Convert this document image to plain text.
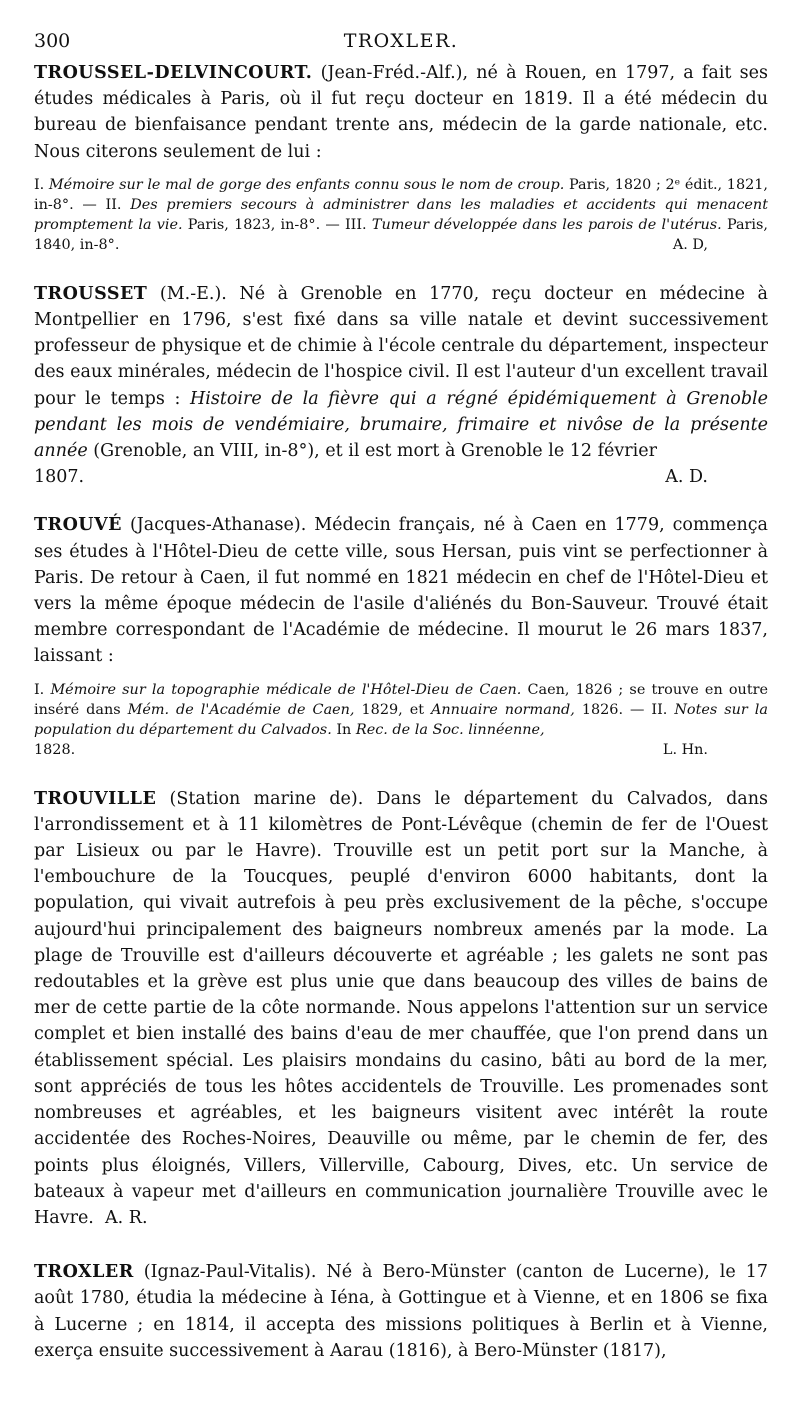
300	TROXLER.

TROUSSEL-DELVINCOURT. (Jean-Fréd.-Alf.), né à Rouen, en 1797, a fait ses études médicales à Paris, où il fut reçu docteur en 1819. Il a été médecin du bureau de bienfaisance pendant trente ans, médecin de la garde nationale, etc. Nous citerons seulement de lui :

I. Mémoire sur le mal de gorge des enfants connu sous le nom de croup. Paris, 1820 ; 2ᵉ édit., 1821, in-8°. — II. Des premiers secours à administrer dans les maladies et accidents qui menacent promptement la vie. Paris, 1823, in-8°. — III. Tumeur développée dans les parois de l'utérus. Paris, 1840, in-8°.	A. D,

TROUSSET (M.-E.). Né à Grenoble en 1770, reçu docteur en médecine à Montpellier en 1796, s'est fixé dans sa ville natale et devint successivement professeur de physique et de chimie à l'école centrale du département, inspecteur des eaux minérales, médecin de l'hospice civil. Il est l'auteur d'un excellent travail pour le temps : Histoire de la fièvre qui a régné épidémiquement à Grenoble pendant les mois de vendémiaire, brumaire, frimaire et nivôse de la présente année (Grenoble, an VIII, in-8°), et il est mort à Grenoble le 12 février

1807.	A. D.

TROUVÉ (Jacques-Athanase). Médecin français, né à Caen en 1779, commença ses études à l'Hôtel-Dieu de cette ville, sous Hersan, puis vint se perfectionner à Paris. De retour à Caen, il fut nommé en 1821 médecin en chef de l'Hôtel-Dieu et vers la même époque médecin de l'asile d'aliénés du Bon-Sauveur. Trouvé était membre correspondant de l'Académie de médecine. Il mourut le 26 mars 1837, laissant :

I. Mémoire sur la topographie médicale de l'Hôtel-Dieu de Caen. Caen, 1826 ; se trouve en outre inséré dans Mém. de l'Académie de Caen, 1829, et Annuaire normand, 1826. — II. Notes sur la population du département du Calvados. In Rec. de la Soc. linnéenne,

1828.	L. Hn.

TROUVILLE (Station marine de). Dans le département du Calvados, dans l'arrondissement et à 11 kilomètres de Pont-Lévêque (chemin de fer de l'Ouest par Lisieux ou par le Havre). Trouville est un petit port sur la Manche, à l'embouchure de la Toucques, peuplé d'environ 6000 habitants, dont la population, qui vivait autrefois à peu près exclusivement de la pêche, s'occupe aujourd'hui principalement des baigneurs nombreux amenés par la mode. La plage de Trouville est d'ailleurs découverte et agréable ; les galets ne sont pas redoutables et la grève est plus unie que dans beaucoup des villes de bains de mer de cette partie de la côte normande. Nous appelons l'attention sur un service complet et bien installé des bains d'eau de mer chauffée, que l'on prend dans un établissement spécial. Les plaisirs mondains du casino, bâti au bord de la mer, sont appréciés de tous les hôtes accidentels de Trouville. Les promenades sont nombreuses et agréables, et les baigneurs visitent avec intérêt la route accidentée des Roches-Noires, Deauville ou même, par le chemin de fer, des points plus éloignés, Villers, Villerville, Cabourg, Dives, etc. Un service de bateaux à vapeur met d'ailleurs en communication journalière Trouville avec le Havre. A. R.

TROXLER (Ignaz-Paul-Vitalis). Né à Bero-Münster (canton de Lucerne), le 17 août 1780, étudia la médecine à Iéna, à Gottingue et à Vienne, et en 1806 se fixa à Lucerne ; en 1814, il accepta des missions politiques à Berlin et à Vienne, exerça ensuite successivement à Aarau (1816), à Bero-Münster (1817),
